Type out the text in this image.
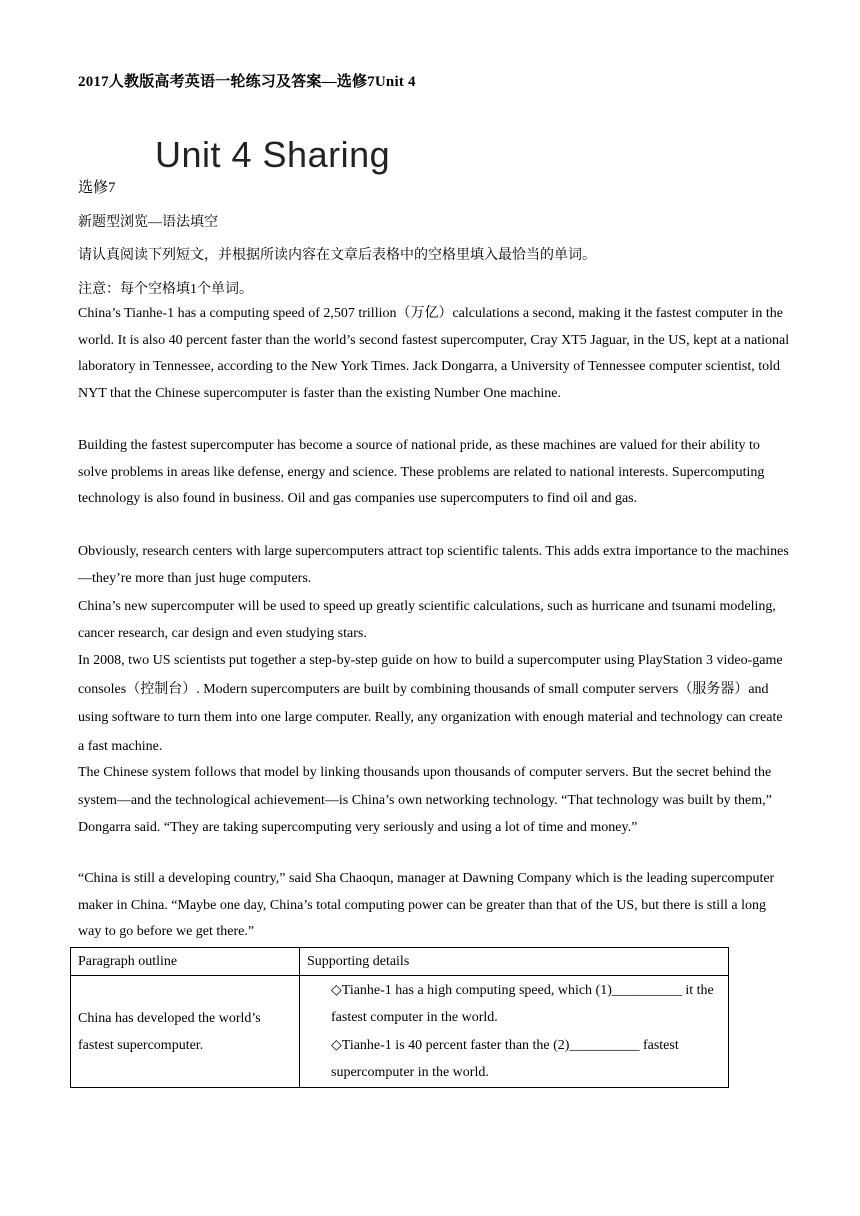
2017人教版高考英语一轮练习及答案—选修7Unit 4
Unit 4 Sharing
选修7
新题型浏览—语法填空
请认真阅读下列短文，并根据所读内容在文章后表格中的空格里填入最恰当的单词。
注意：每个空格填1个单词。
China’s Tianhe-1 has a computing speed of 2,507 trillion（万亿）calculations a second, making it the fastest computer in the world. It is also 40 percent faster than the world’s second fastest supercomputer, Cray XT5 Jaguar, in the US, kept at a national laboratory in Tennessee, according to the New York Times. Jack Dongarra, a University of Tennessee computer scientist, told NYT that the Chinese supercomputer is faster than the existing Number One machine.
Building the fastest supercomputer has become a source of national pride, as these machines are valued for their ability to solve problems in areas like defense, energy and science. These problems are related to national interests. Supercomputing technology is also found in business. Oil and gas companies use supercomputers to find oil and gas.
Obviously, research centers with large supercomputers attract top scientific talents. This adds extra importance to the machines—they’re more than just huge computers.
China’s new supercomputer will be used to speed up greatly scientific calculations, such as hurricane and tsunami modeling, cancer research, car design and even studying stars.
In 2008, two US scientists put together a step-by-step guide on how to build a supercomputer using PlayStation 3 video-game consoles（控制台）. Modern supercomputers are built by combining thousands of small computer servers（服务器）and using software to turn them into one large computer. Really, any organization with enough material and technology can create a fast machine.
The Chinese system follows that model by linking thousands upon thousands of computer servers. But the secret behind the system—and the technological achievement—is China’s own networking technology. “That technology was built by them,” Dongarra said. “They are taking supercomputing very seriously and using a lot of time and money.”
“China is still a developing country,” said Sha Chaoqun, manager at Dawning Company which is the leading supercomputer maker in China. “Maybe one day, China’s total computing power can be greater than that of the US, but there is still a long way to go before we get there.”
Paragraph outline	Supporting details
China has developed the world’s fastest supercomputer.	◇Tianhe-1 has a high computing speed, which (1)__________ it the fastest computer in the world.
◇Tianhe-1 is 40 percent faster than the (2)__________ fastest supercomputer in the world.
